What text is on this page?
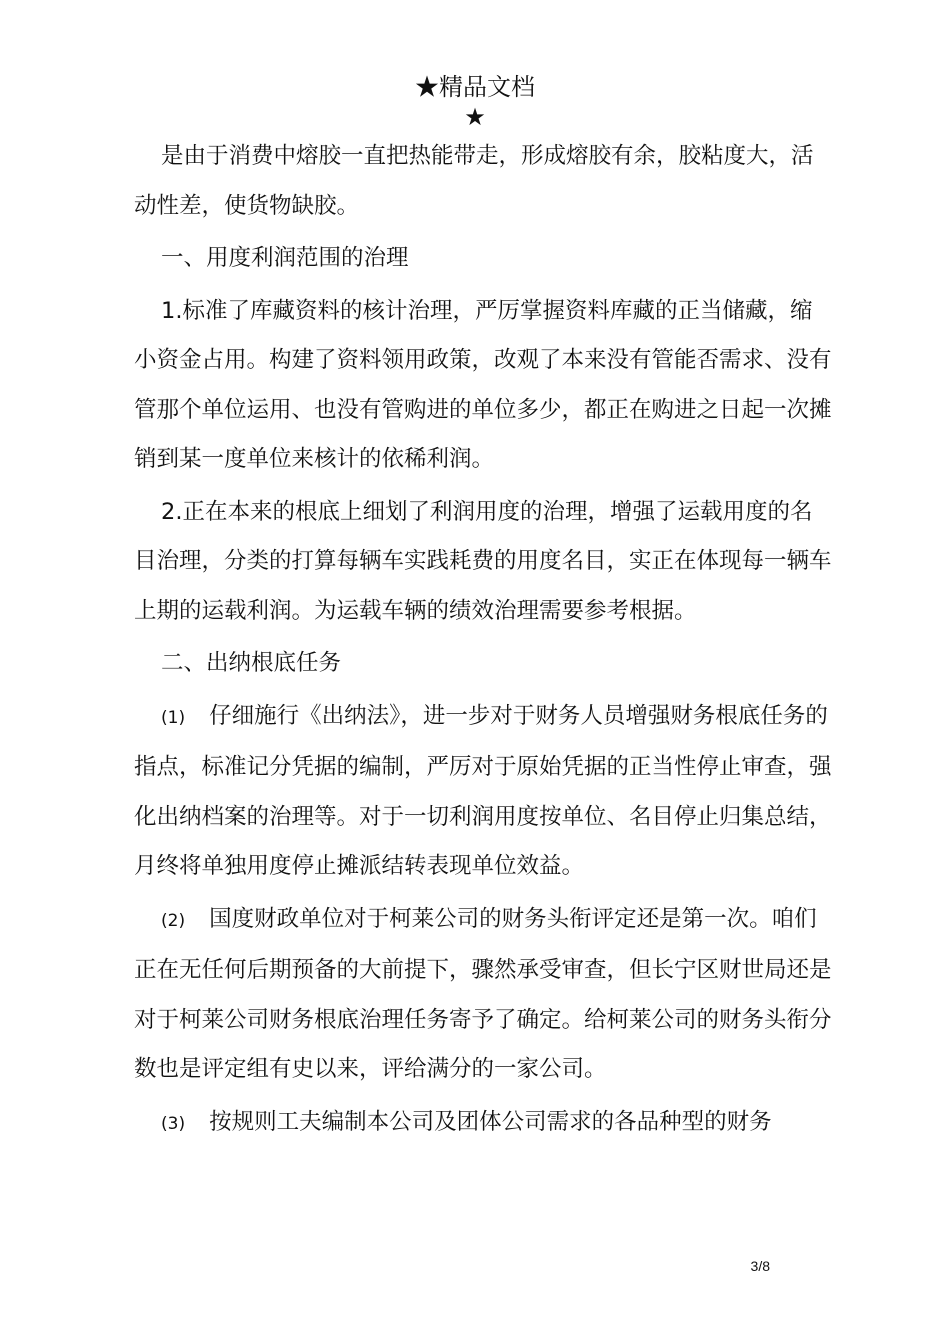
★精品文档
★

是由于消费中熔胶一直把热能带走，形成熔胶有余，胶粘度大，活动性差，使货物缺胶。

一、用度利润范围的治理

1.标准了库藏资料的核计治理，严厉掌握资料库藏的正当储藏，缩小资金占用。构建了资料领用政策，改观了本来没有管能否需求、没有管那个单位运用、也没有管购进的单位多少，都正在购进之日起一次摊销到某一度单位来核计的依稀利润。

2.正在本来的根底上细划了利润用度的治理，增强了运载用度的名目治理，分类的打算每辆车实践耗费的用度名目，实正在体现每一辆车上期的运载利润。为运载车辆的绩效治理需要参考根据。

二、出纳根底任务

(1) 仔细施行《出纳法》，进一步对于财务人员增强财务根底任务的指点，标准记分凭据的编制，严厉对于原始凭据的正当性停止审查，强化出纳档案的治理等。对于一切利润用度按单位、名目停止归集总结，月终将单独用度停止摊派结转表现单位效益。

(2) 国度财政单位对于柯莱公司的财务头衔评定还是第一次。咱们正在无任何后期预备的大前提下，骤然承受审查，但长宁区财世局还是对于柯莱公司财务根底治理任务寄予了确定。给柯莱公司的财务头衔分数也是评定组有史以来，评给满分的一家公司。

(3) 按规则工夫编制本公司及团体公司需求的各品种型的财务

3/8
